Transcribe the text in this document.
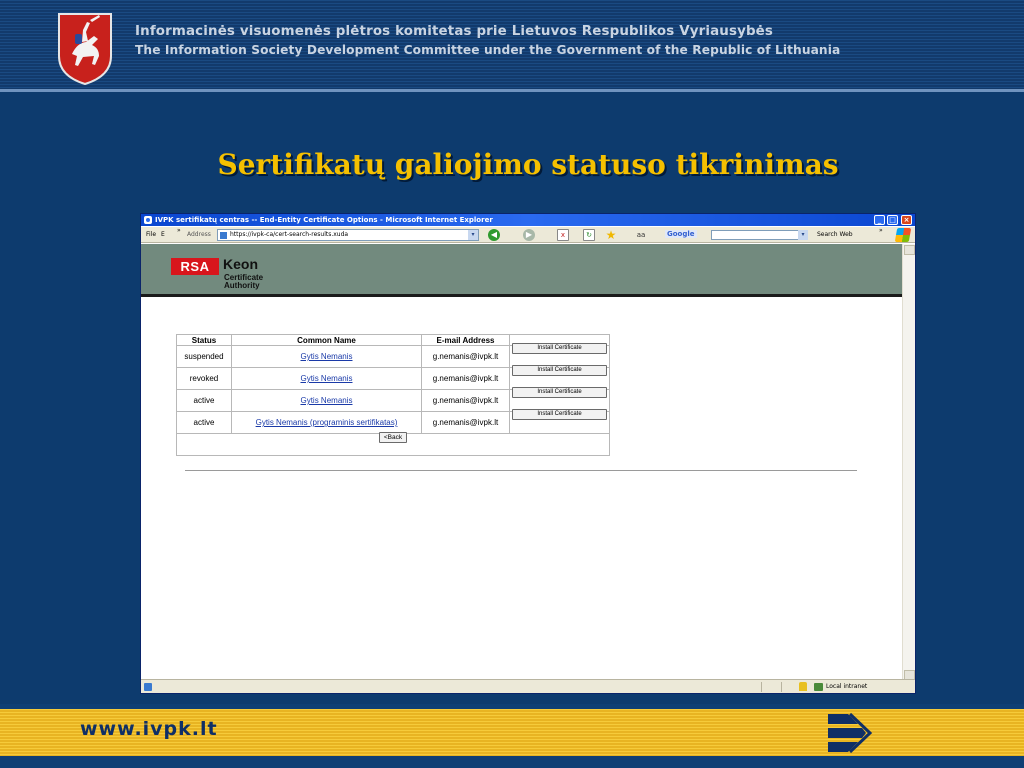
Informacinės visuomenės plėtros komitetas prie Lietuvos Respublikos Vyriausybės
The Information Society Development Committee under the Government of the Republic of Lithuania
Sertifikatų galiojimo statuso tikrinimas
IVPK sertifikatų centras -- End-Entity Certificate Options - Microsoft Internet Explorer	_	□	×
File E
»
Address	https://ivpk-ca/cert-search-results.xuda	▾	◀	▶	x	↻ ★	aa	Google	▾	Search Web
»
RSA Keon
Certificate
Authority
Status	Common Name	E-mail Address	
suspended	Gytis Nemanis	g.nemanis@ivpk.lt	Install Certificate
revoked	Gytis Nemanis	g.nemanis@ivpk.lt	Install Certificate
active	Gytis Nemanis	g.nemanis@ivpk.lt	Install Certificate
active	Gytis Nemanis (programinis sertifikatas)	g.nemanis@ivpk.lt	Install Certificate
<Back			
Local intranet
www.ivpk.lt
